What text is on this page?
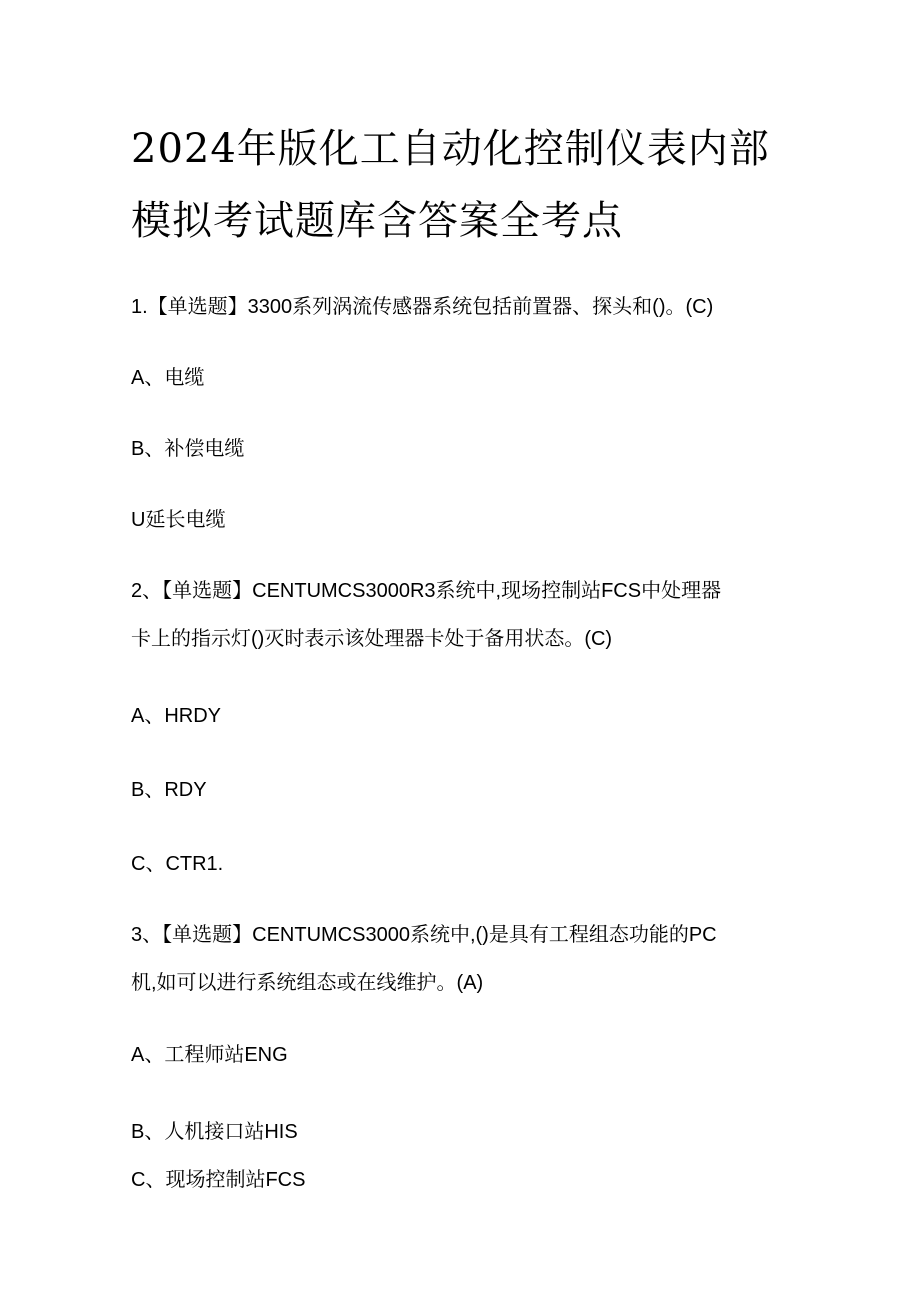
2024年版化工自动化控制仪表内部
模拟考试题库含答案全考点
1.【单选题】3300系列涡流传感器系统包括前置器、探头和()。(C)
A、电缆
B、补偿电缆
U延长电缆
2、【单选题】CENTUMCS3000R3系统中,现场控制站FCS中处理器
卡上的指示灯()灭时表示该处理器卡处于备用状态。(C)
A、HRDY
B、RDY
C、CTR1.
3、【单选题】CENTUMCS3000系统中,()是具有工程组态功能的PC
机,如可以进行系统组态或在线维护。(A)
A、工程师站ENG
B、人机接口站HIS
C、现场控制站FCS
